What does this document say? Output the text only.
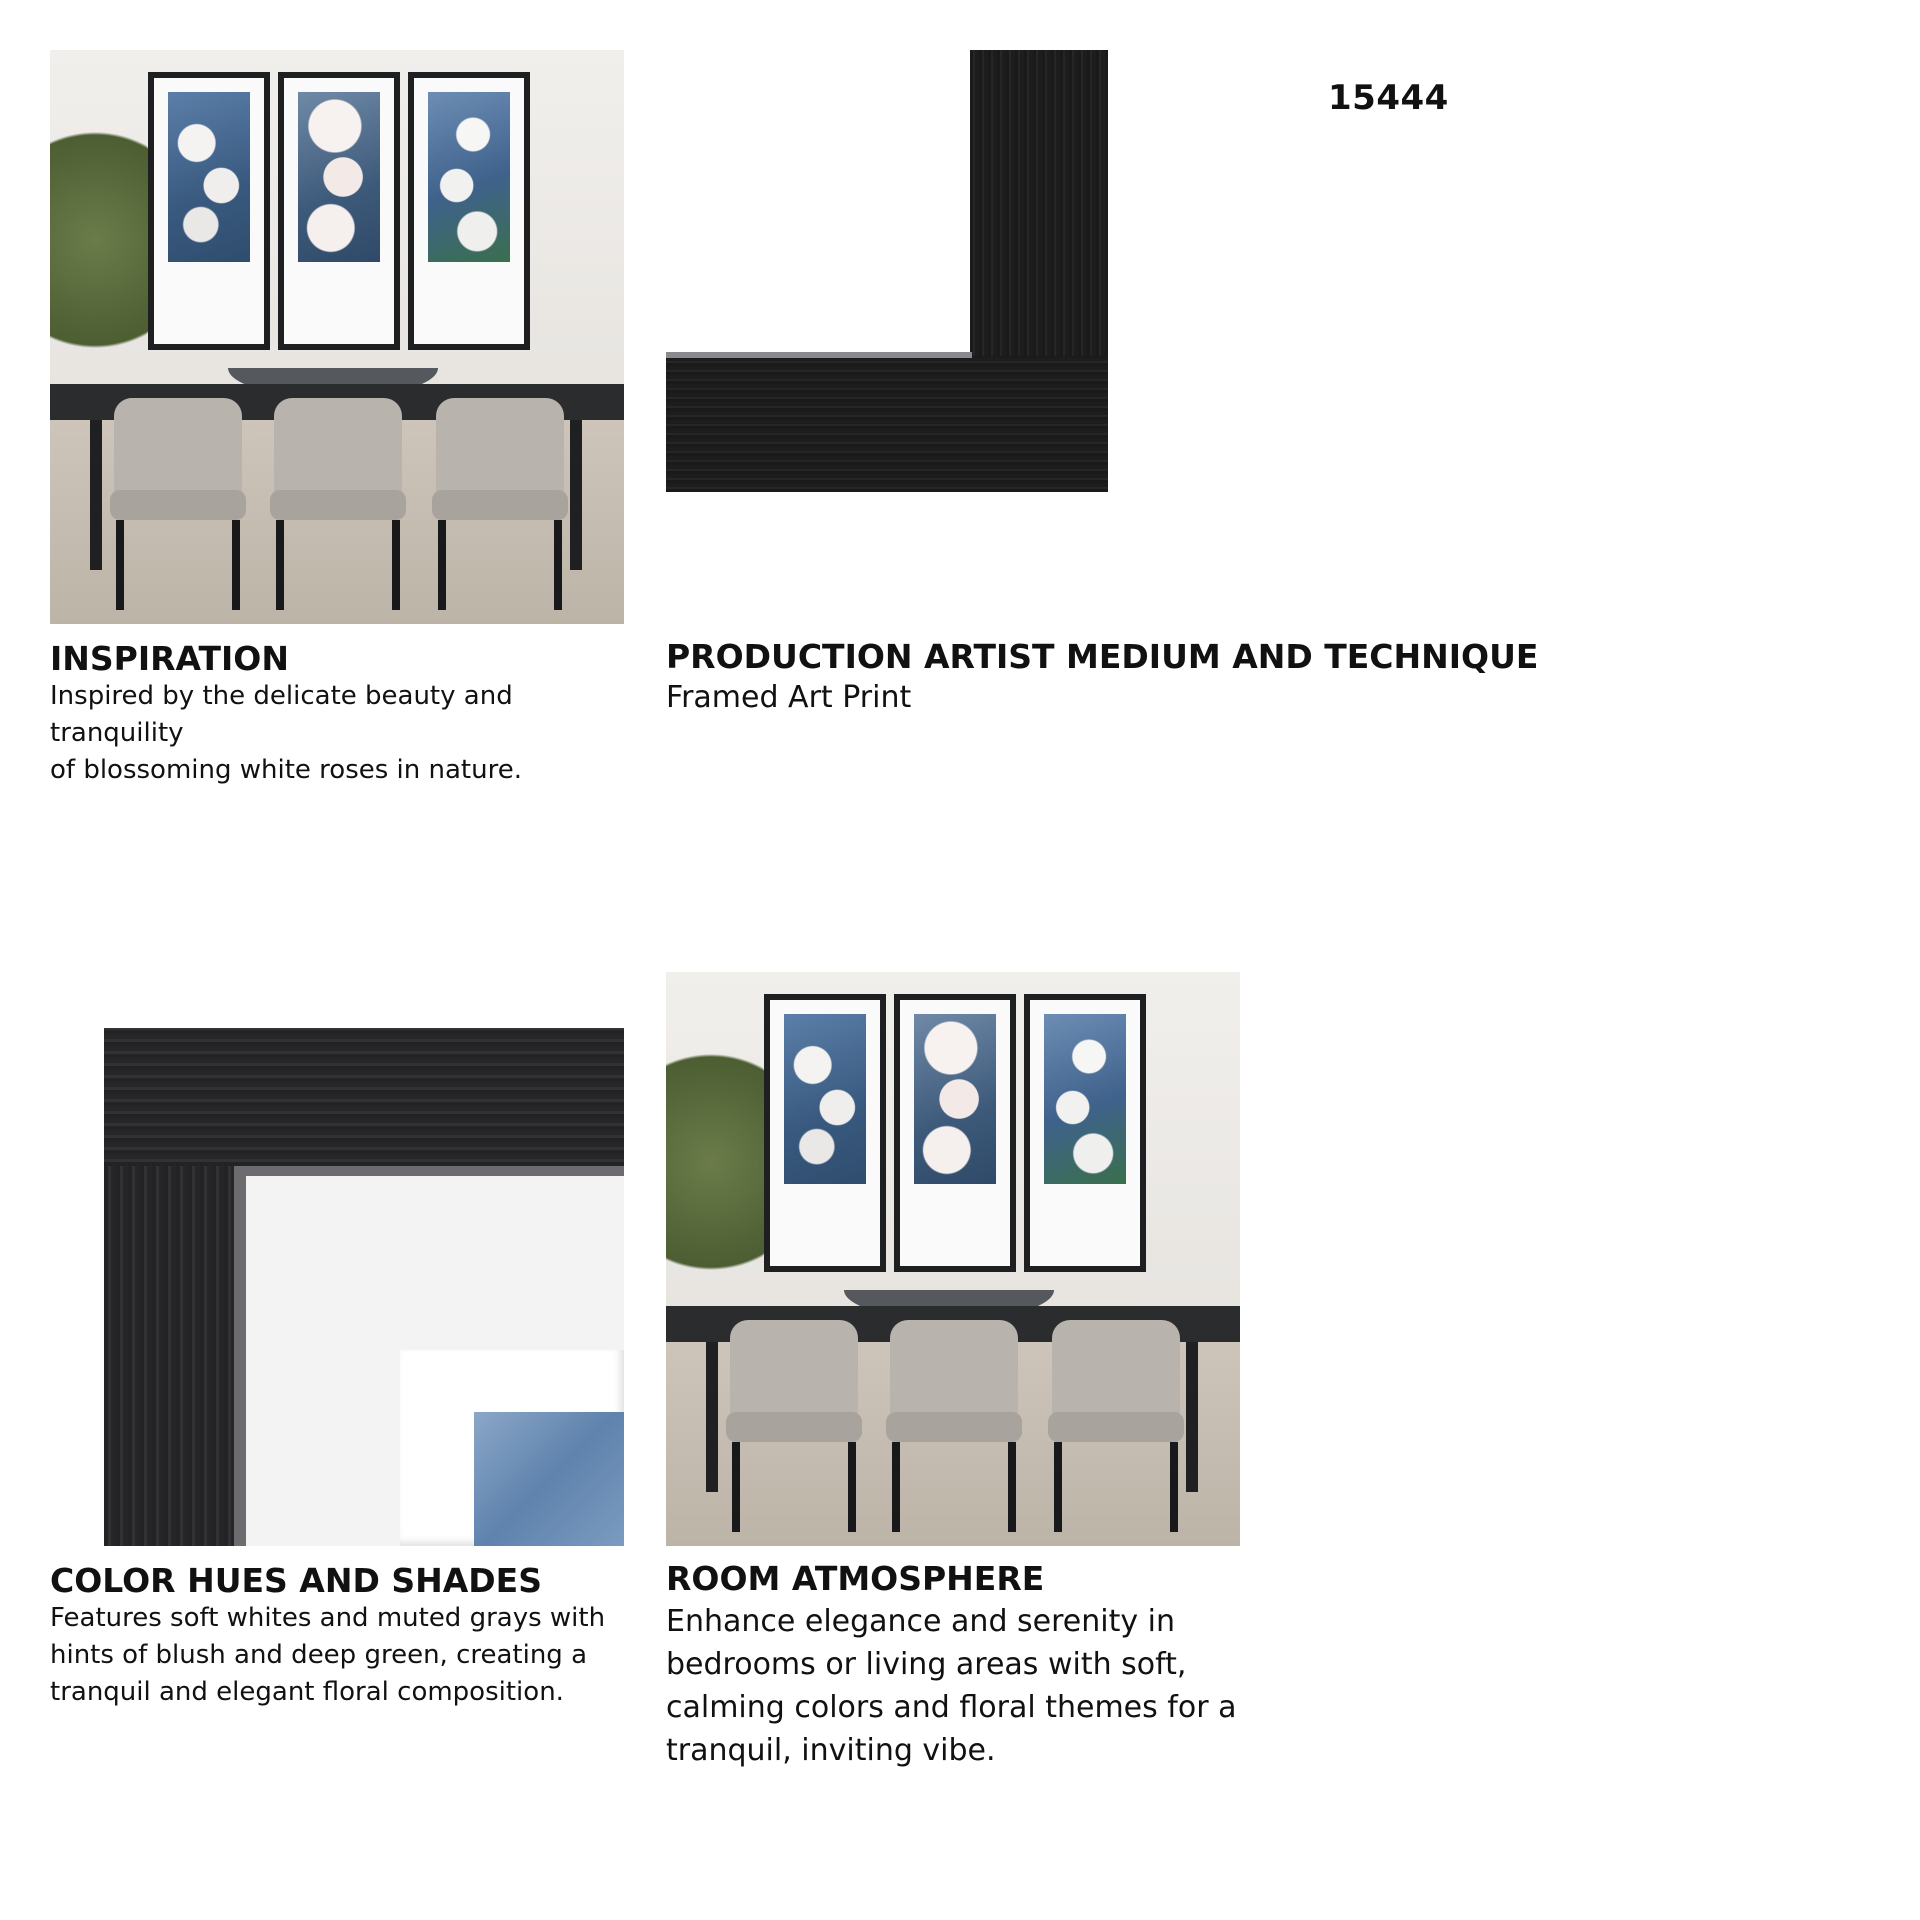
15444
INSPIRATION
Inspired by the delicate beauty and tranquility
of blossoming white roses in nature.
PRODUCTION ARTIST MEDIUM AND TECHNIQUE
Framed Art Print
COLOR HUES AND SHADES
Features soft whites and muted grays with
hints of blush and deep green, creating a
tranquil and elegant floral composition.
ROOM ATMOSPHERE
Enhance elegance and serenity in
bedrooms or living areas with soft,
calming colors and floral themes for a
tranquil, inviting vibe.
